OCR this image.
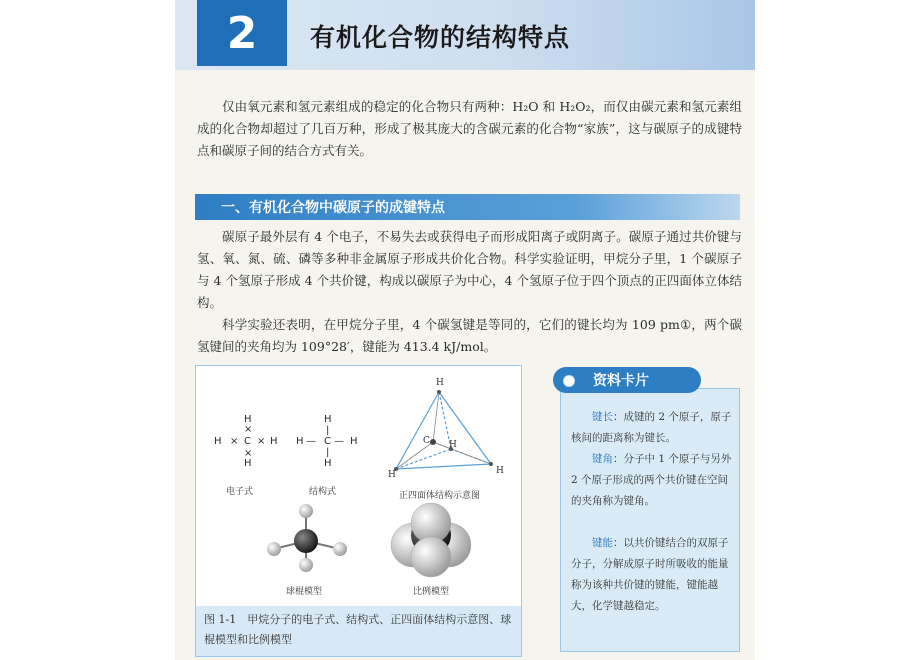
2	有机化合物的结构特点
仅由氧元素和氢元素组成的稳定的化合物只有两种：H₂O 和 H₂O₂，而仅由碳元素和氢元素组成的化合物却超过了几百万种，形成了极其庞大的含碳元素的化合物“家族”，这与碳原子的成键特点和碳原子间的结合方式有关。
一、有机化合物中碳原子的成键特点
碳原子最外层有 4 个电子，不易失去或获得电子而形成阳离子或阴离子。碳原子通过共价键与氢、氧、氮、硫、磷等多种非金属原子形成共价化合物。科学实验证明，甲烷分子里，1 个碳原子与 4 个氢原子形成 4 个共价键，构成以碳原子为中心，4 个氢原子位于四个顶点的正四面体立体结构。
科学实验还表明，在甲烷分子里，4 个碳氢键是等同的，它们的键长均为 109 pm①，两个碳氢键间的夹角均为 109°28′，键能为 413.4 kJ/mol。
H
×
H × C × H
×
H
电子式
H
|
H — C — H
|
H
结构式
H
C H
H	H
正四面体结构示意图
球棍模型	比例模型
图 1-1　甲烷分子的电子式、结构式、正四面体结构示意图、球棍模型和比例模型
键长：成键的 2 个原子，原子核间的距离称为键长。
键角：分子中 1 个原子与另外 2 个原子形成的两个共价键在空间的夹角称为键角。
键能：以共价键结合的双原子分子，分解成原子时所吸收的能量称为该种共价键的键能，键能越大，化学键越稳定。
资料卡片
